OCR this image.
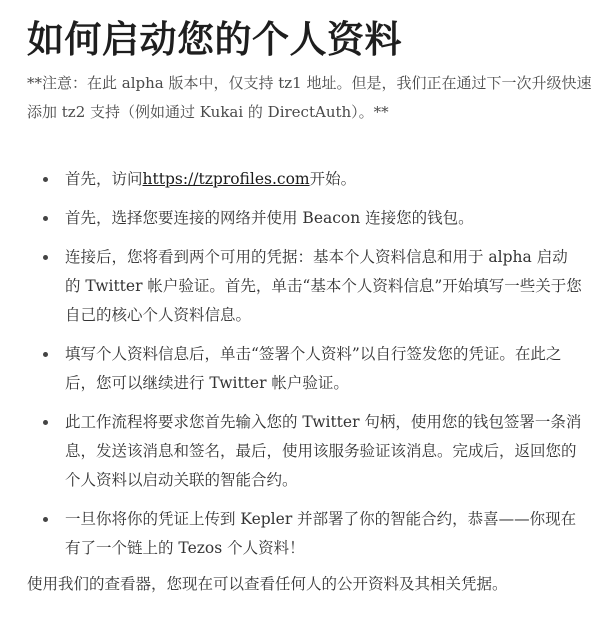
如何启动您的个人资料

**注意：在此 alpha 版本中，仅支持 tz1 地址。但是，我们正在通过下一次升级快速添加 tz2 支持（例如通过 Kukai 的 DirectAuth）。**

首先，访问https://tzprofiles.com开始。
首先，选择您要连接的网络并使用 Beacon 连接您的钱包。
连接后，您将看到两个可用的凭据：基本个人资料信息和用于 alpha 启动的 Twitter 帐户验证。首先，单击“基本个人资料信息”开始填写一些关于您自己的核心个人资料信息。
填写个人资料信息后，单击“签署个人资料”以自行签发您的凭证。在此之后，您可以继续进行 Twitter 帐户验证。
此工作流程将要求您首先输入您的 Twitter 句柄，使用您的钱包签署一条消息，发送该消息和签名，最后，使用该服务验证该消息。完成后，返回您的个人资料以启动关联的智能合约。
一旦你将你的凭证上传到 Kepler 并部署了你的智能合约，恭喜——你现在有了一个链上的 Tezos 个人资料！

使用我们的查看器，您现在可以查看任何人的公开资料及其相关凭据。
